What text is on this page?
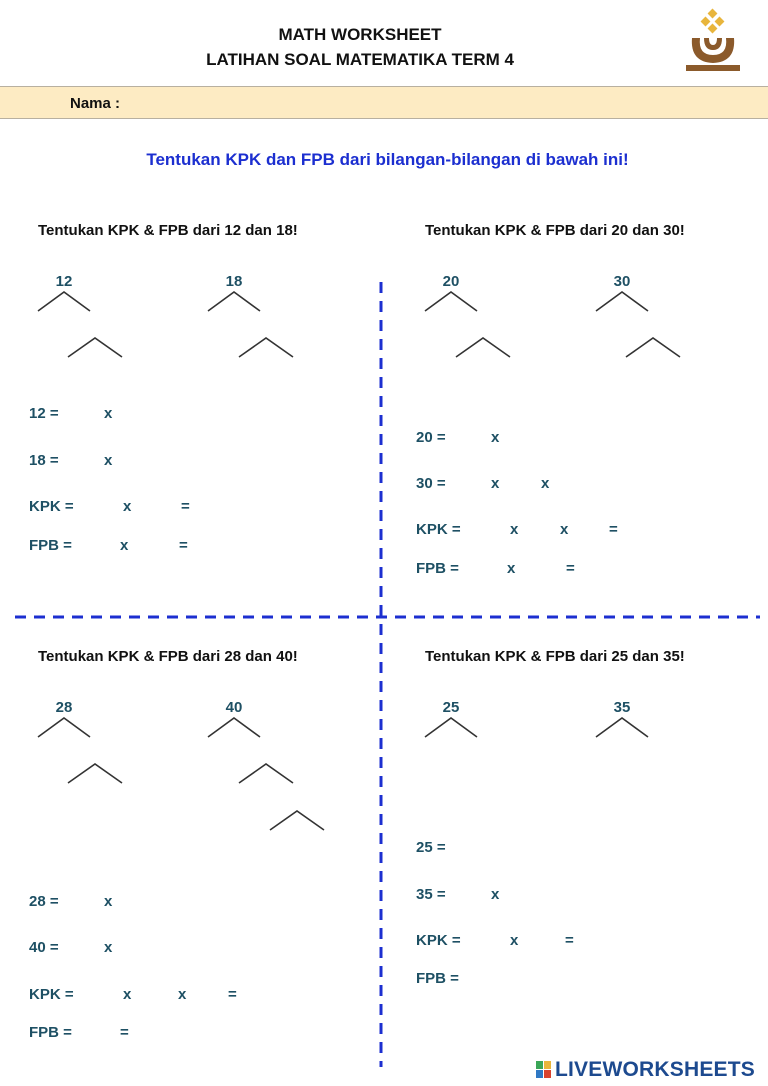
MATH WORKSHEET
LATIHAN SOAL MATEMATIKA TERM 4
Nama :
Tentukan KPK dan FPB dari bilangan-bilangan di bawah ini!
Tentukan KPK & FPB dari 12 dan 18!
12	18
12 =	x
18 =	x
KPK =	x	=
FPB =	x	=
Tentukan KPK & FPB dari 20 dan 30!
20	30
20 =	x
30 =	x	x
KPK =	x	x	=
FPB =	x	=
Tentukan KPK & FPB dari 28 dan 40!
28	40
28 =	x
40 =	x
KPK =	x	x	=
FPB =	=
Tentukan KPK & FPB dari 25 dan 35!
25	35
25 =
35 =	x
KPK =	x	=
FPB =
LIVEWORKSHEETS
